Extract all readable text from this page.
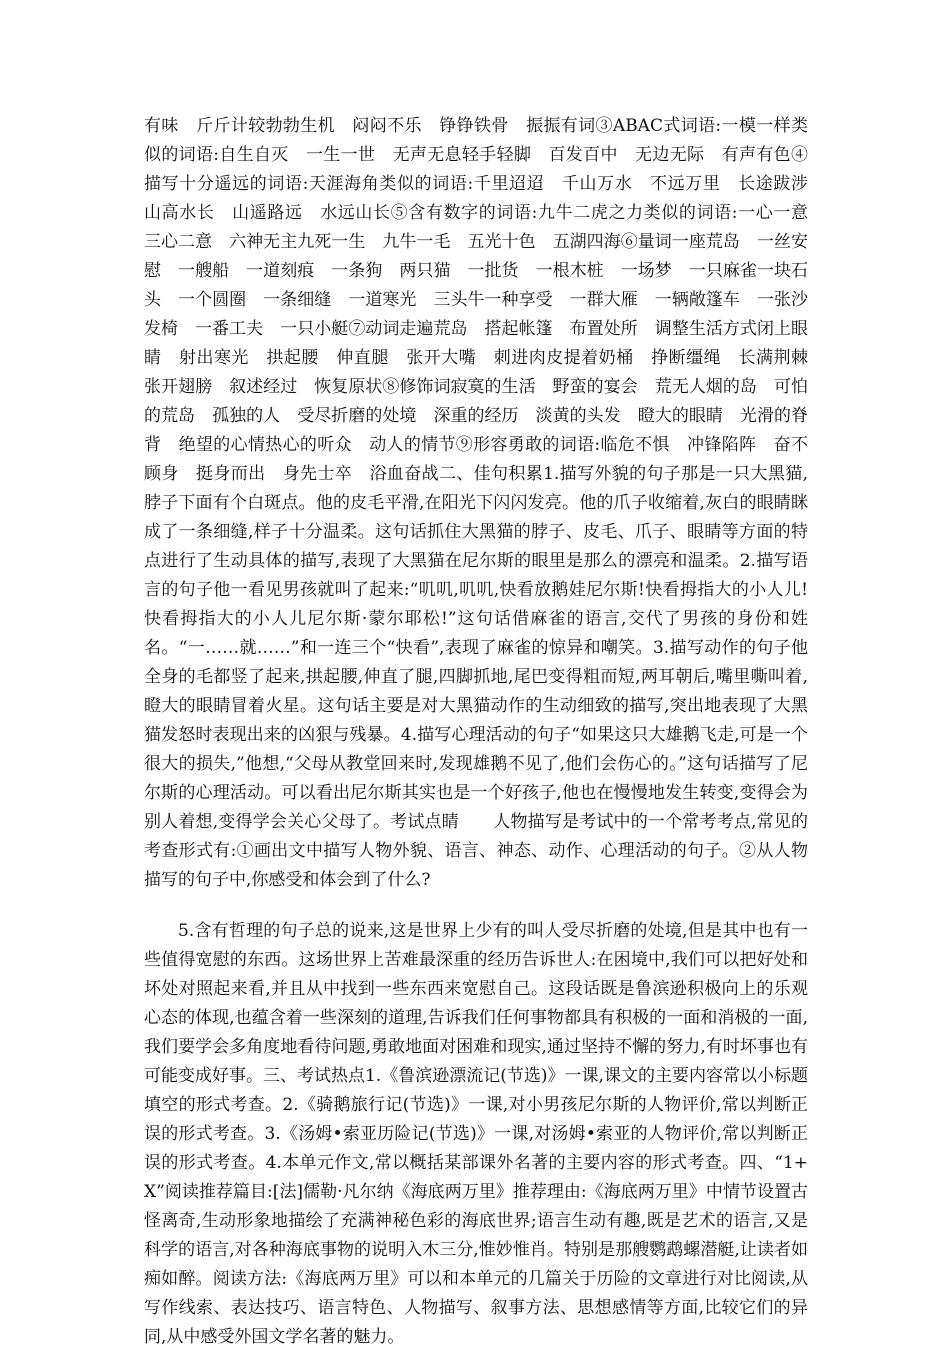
有味　斤斤计较勃勃生机　闷闷不乐　铮铮铁骨　振振有词③ABAC式词语:一模一样类似的词语:自生自灭　一生一世　无声无息轻手轻脚　百发百中　无边无际　有声有色④描写十分遥远的词语:天涯海角类似的词语:千里迢迢　千山万水　不远万里　长途跋涉　山高水长　山遥路远　水远山长⑤含有数字的词语:九牛二虎之力类似的词语:一心一意　三心二意　六神无主九死一生　九牛一毛　五光十色　五湖四海⑥量词一座荒岛　一丝安慰　一艘船　一道刻痕　一条狗　两只猫　一批货　一根木桩　一场梦　一只麻雀一块石头　一个圆圈　一条细缝　一道寒光　三头牛一种享受　一群大雁　一辆敞篷车　一张沙发椅　一番工夫　一只小艇⑦动词走遍荒岛　搭起帐篷　布置处所　调整生活方式闭上眼睛　射出寒光　拱起腰　伸直腿　张开大嘴　刺进肉皮提着奶桶　挣断缰绳　长满荆棘　张开翅膀　叙述经过　恢复原状⑧修饰词寂寞的生活　野蛮的宴会　荒无人烟的岛　可怕的荒岛　孤独的人　受尽折磨的处境　深重的经历　淡黄的头发　瞪大的眼睛　光滑的脊背　绝望的心情热心的听众　动人的情节⑨形容勇敢的词语:临危不惧　冲锋陷阵　奋不顾身　挺身而出　身先士卒　浴血奋战二、佳句积累1.描写外貌的句子那是一只大黑猫,脖子下面有个白斑点。他的皮毛平滑,在阳光下闪闪发亮。他的爪子收缩着,灰白的眼睛眯成了一条细缝,样子十分温柔。这句话抓住大黑猫的脖子、皮毛、爪子、眼睛等方面的特点进行了生动具体的描写,表现了大黑猫在尼尔斯的眼里是那么的漂亮和温柔。2.描写语言的句子他一看见男孩就叫了起来:“叽叽,叽叽,快看放鹅娃尼尔斯!快看拇指大的小人儿!快看拇指大的小人儿尼尔斯·蒙尔耶松!”这句话借麻雀的语言,交代了男孩的身份和姓名。“一……就……”和一连三个“快看”,表现了麻雀的惊异和嘲笑。3.描写动作的句子他全身的毛都竖了起来,拱起腰,伸直了腿,四脚抓地,尾巴变得粗而短,两耳朝后,嘴里嘶叫着,瞪大的眼睛冒着火星。这句话主要是对大黑猫动作的生动细致的描写,突出地表现了大黑猫发怒时表现出来的凶狠与残暴。4.描写心理活动的句子“如果这只大雄鹅飞走,可是一个很大的损失,”他想,“父母从教堂回来时,发现雄鹅不见了,他们会伤心的。”这句话描写了尼尔斯的心理活动。可以看出尼尔斯其实也是一个好孩子,他也在慢慢地发生转变,变得会为别人着想,变得学会关心父母了。考试点睛　　人物描写是考试中的一个常考考点,常见的考查形式有:①画出文中描写人物外貌、语言、神态、动作、心理活动的句子。②从人物描写的句子中,你感受和体会到了什么?

5.含有哲理的句子总的说来,这是世界上少有的叫人受尽折磨的处境,但是其中也有一些值得宽慰的东西。这场世界上苦难最深重的经历告诉世人:在困境中,我们可以把好处和坏处对照起来看,并且从中找到一些东西来宽慰自己。这段话既是鲁滨逊积极向上的乐观心态的体现,也蕴含着一些深刻的道理,告诉我们任何事物都具有积极的一面和消极的一面,我们要学会多角度地看待问题,勇敢地面对困难和现实,通过坚持不懈的努力,有时坏事也有可能变成好事。三、考试热点1.《鲁滨逊漂流记(节选)》一课,课文的主要内容常以小标题填空的形式考查。2.《骑鹅旅行记(节选)》一课,对小男孩尼尔斯的人物评价,常以判断正误的形式考查。3.《汤姆•索亚历险记(节选)》一课,对汤姆•索亚的人物评价,常以判断正误的形式考查。4.本单元作文,常以概括某部课外名著的主要内容的形式考查。四、“1+X”阅读推荐篇目:[法]儒勒·凡尔纳《海底两万里》推荐理由:《海底两万里》中情节设置古怪离奇,生动形象地描绘了充满神秘色彩的海底世界;语言生动有趣,既是艺术的语言,又是科学的语言,对各种海底事物的说明入木三分,惟妙惟肖。特别是那艘鹦鹉螺潜艇,让读者如痴如醉。阅读方法:《海底两万里》可以和本单元的几篇关于历险的文章进行对比阅读,从写作线索、表达技巧、语言特色、人物描写、叙事方法、思想感情等方面,比较它们的异同,从中感受外国文学名著的魅力。
